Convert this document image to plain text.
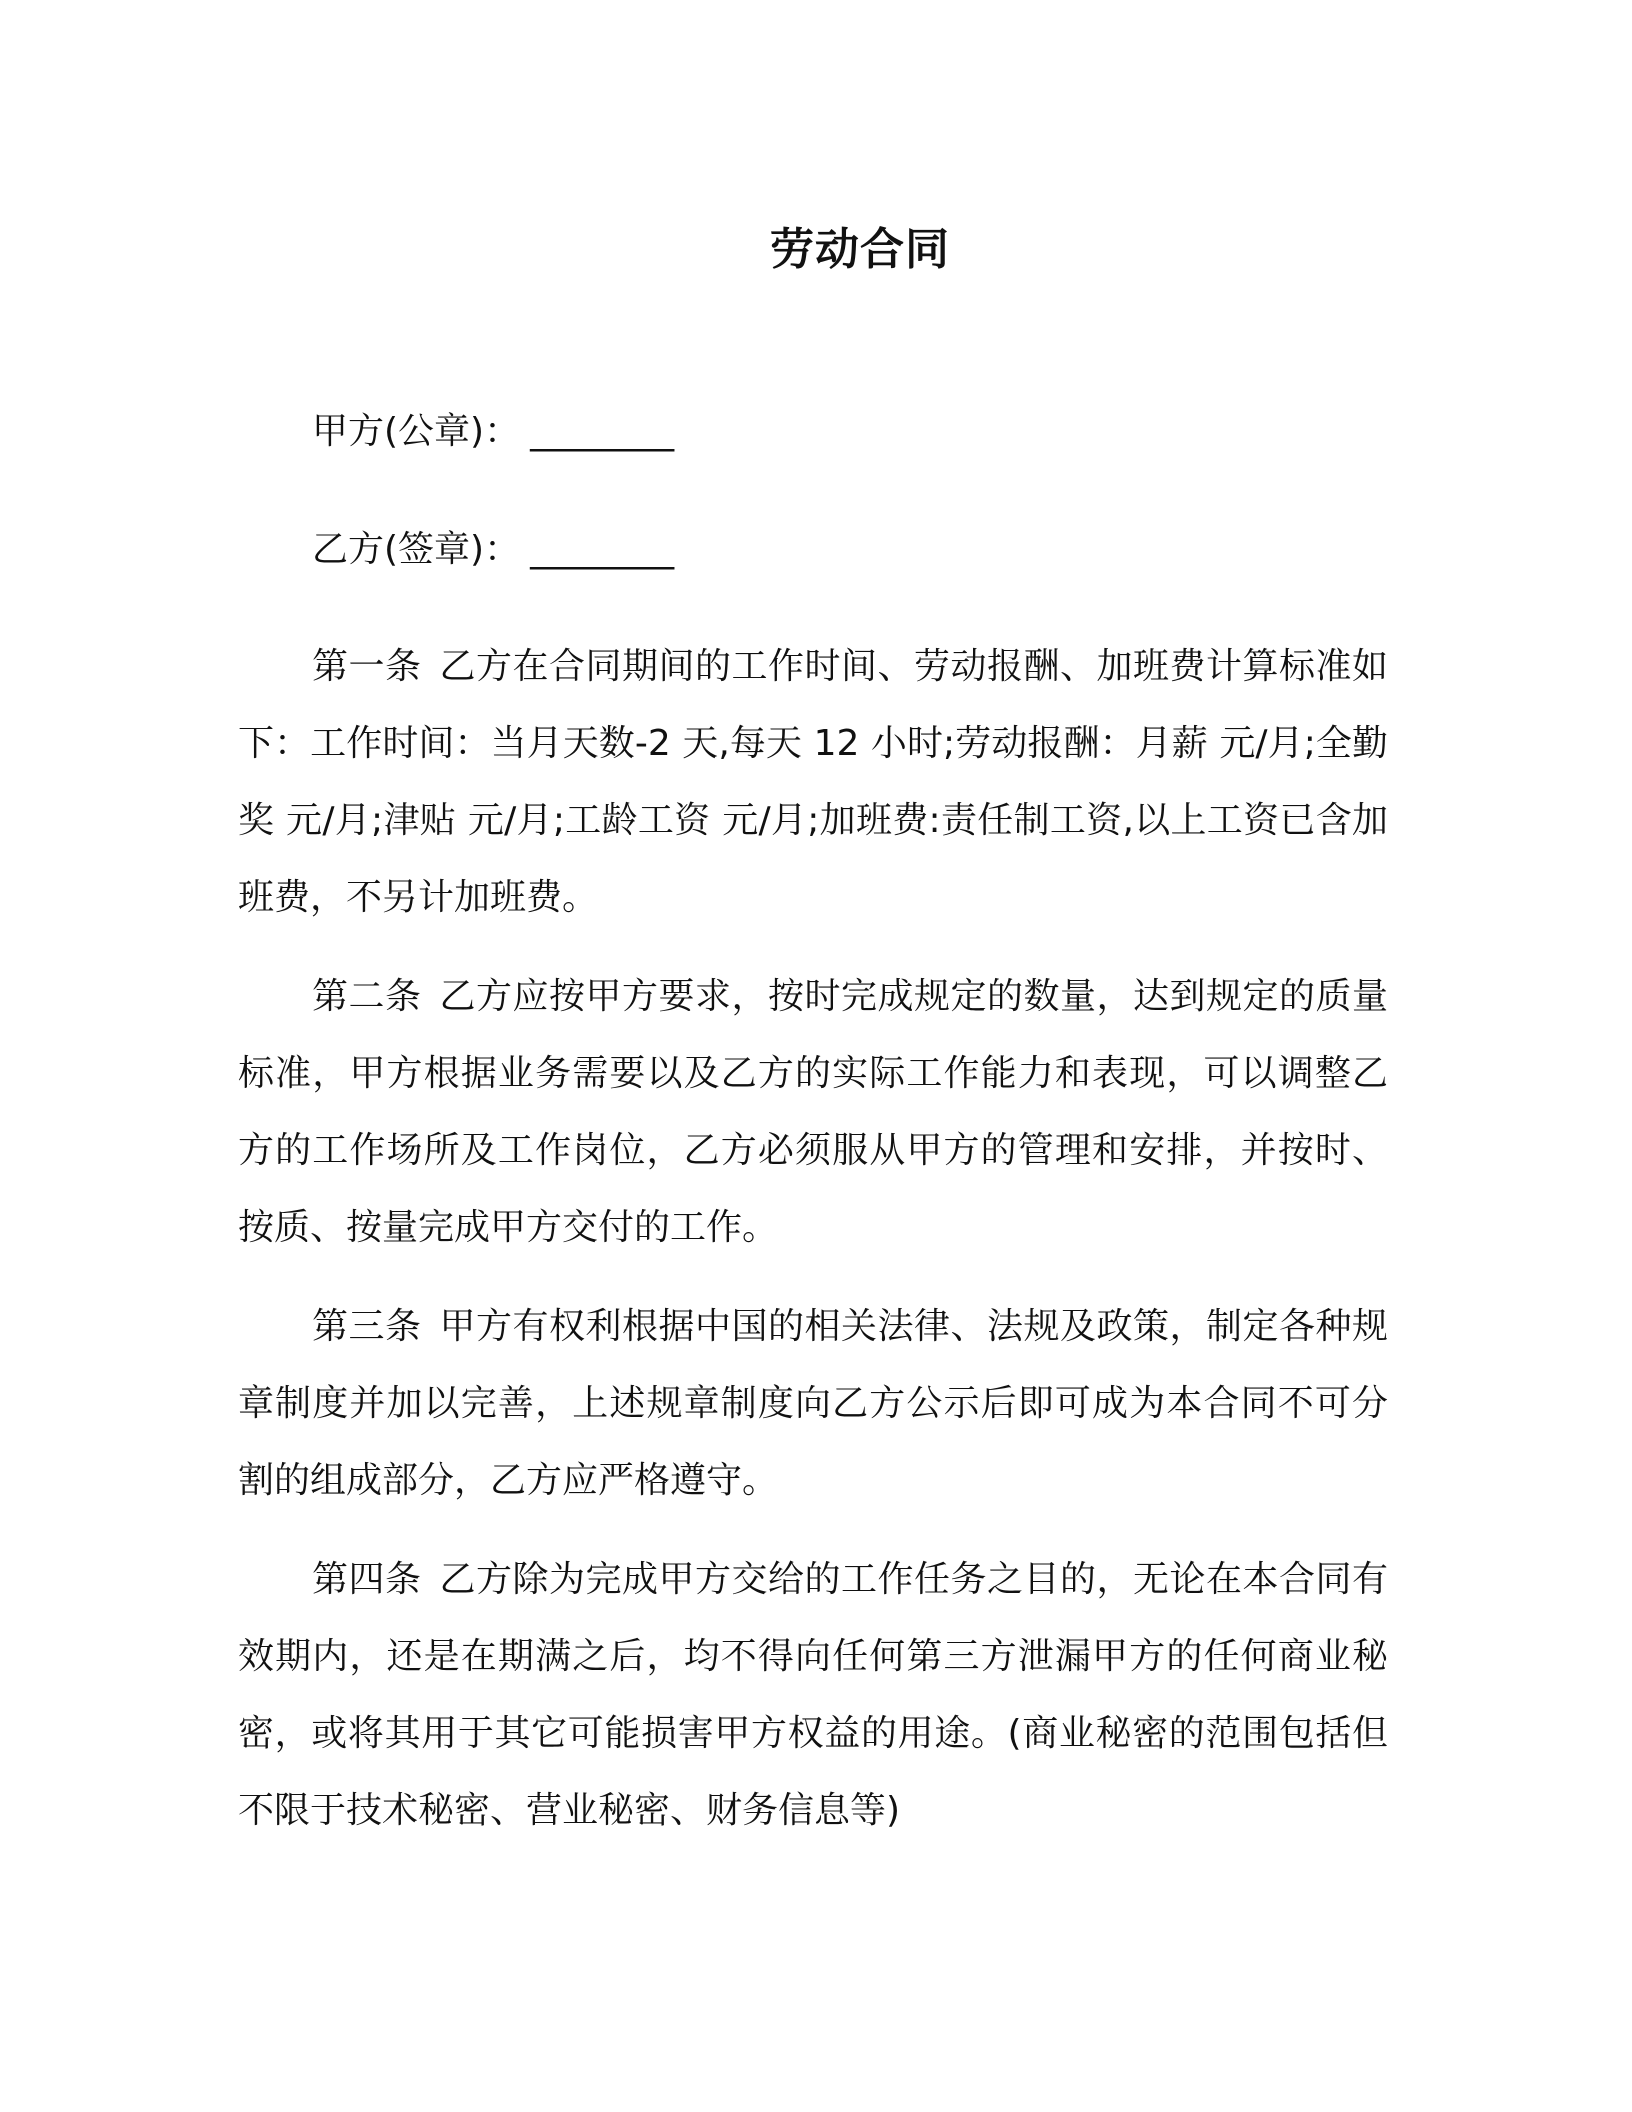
劳动合同
甲方(公章)： ________
乙方(签章)： ________

第一条 乙方在合同期间的工作时间、劳动报酬、加班费计算标准如下：工作时间：当月天数-2 天,每天 12 小时;劳动报酬：月薪 元/月;全勤奖 元/月;津贴 元/月;工龄工资 元/月;加班费:责任制工资,以上工资已含加班费，不另计加班费。

第二条 乙方应按甲方要求，按时完成规定的数量，达到规定的质量标准，甲方根据业务需要以及乙方的实际工作能力和表现，可以调整乙方的工作场所及工作岗位，乙方必须服从甲方的管理和安排，并按时、按质、按量完成甲方交付的工作。

第三条 甲方有权利根据中国的相关法律、法规及政策，制定各种规章制度并加以完善，上述规章制度向乙方公示后即可成为本合同不可分割的组成部分，乙方应严格遵守。

第四条 乙方除为完成甲方交给的工作任务之目的，无论在本合同有效期内，还是在期满之后，均不得向任何第三方泄漏甲方的任何商业秘密，或将其用于其它可能损害甲方权益的用途。(商业秘密的范围包括但不限于技术秘密、营业秘密、财务信息等)
